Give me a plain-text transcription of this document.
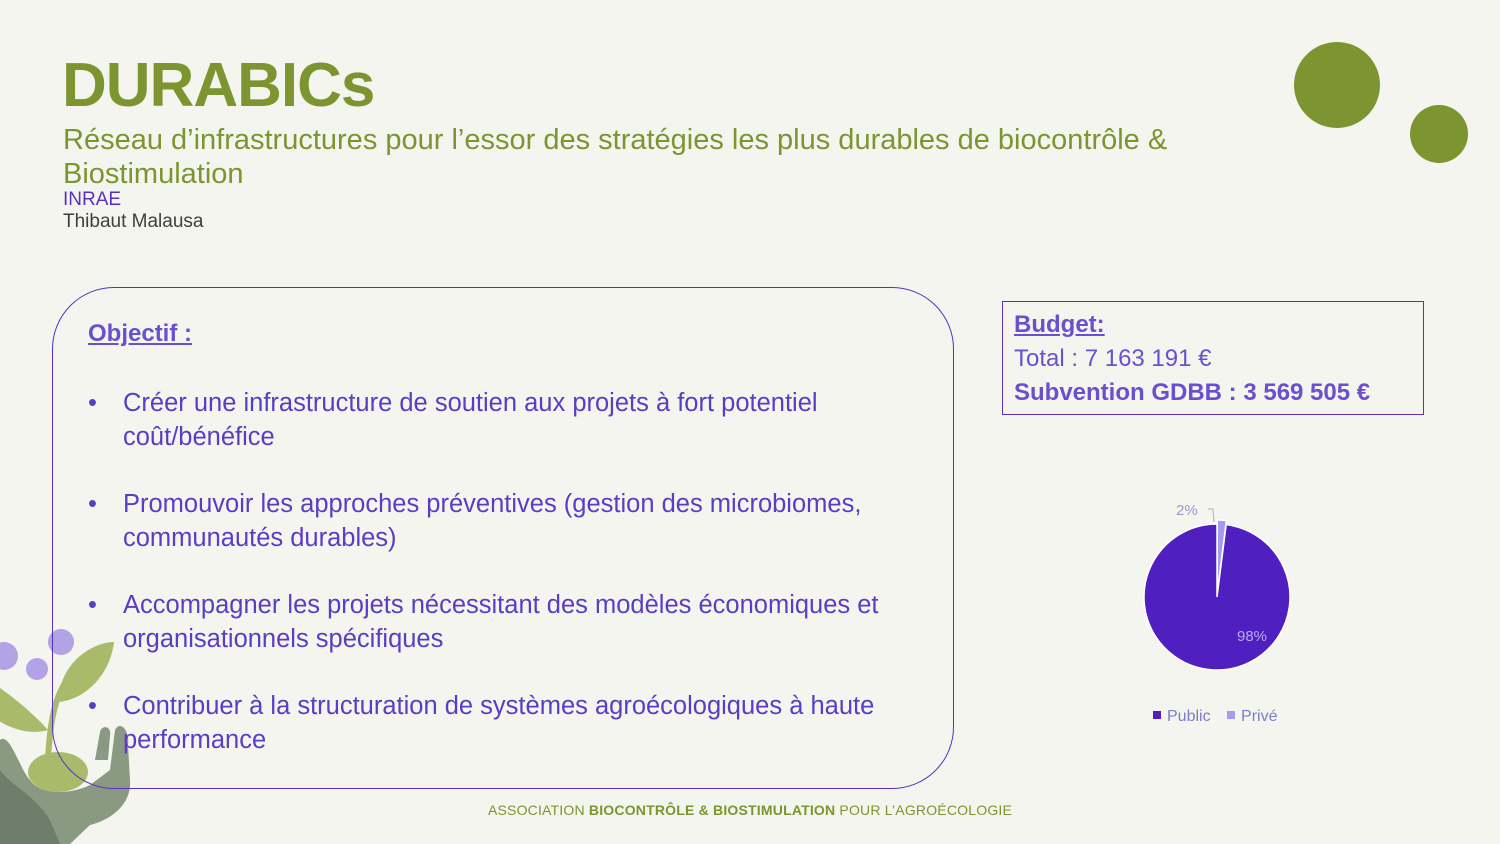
DURABICs
Réseau d’infrastructures pour l’essor des stratégies les plus durables de biocontrôle & Biostimulation
INRAE
Thibaut Malausa
Objectif :
• Créer une infrastructure de soutien aux projets à fort potentiel coût/bénéfice
• Promouvoir les approches préventives (gestion des microbiomes, communautés durables)
• Accompagner les projets nécessitant des modèles économiques et organisationnels spécifiques
• Contribuer à la structuration de systèmes agroécologiques à haute performance
Budget:
Total : 7 163 191 €
Subvention GDBB : 3 569 505 €
98%
2%
Public Privé
ASSOCIATION BIOCONTRÔLE & BIOSTIMULATION POUR L’AGROÉCOLOGIE
